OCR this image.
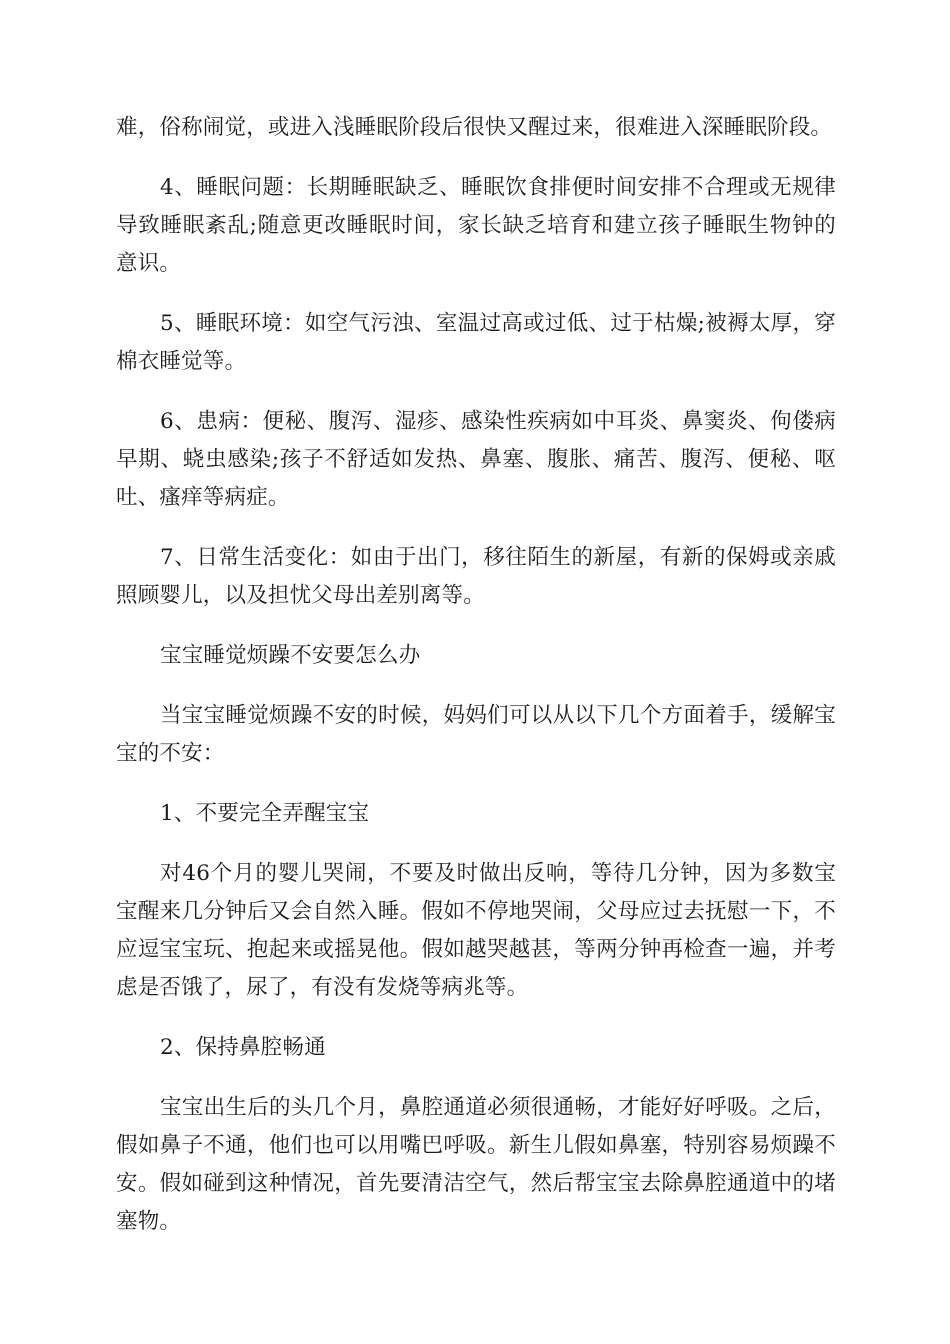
难，俗称闹觉，或进入浅睡眠阶段后很快又醒过来，很难进入深睡眠阶段。

4、睡眠问题：长期睡眠缺乏、睡眠饮食排便时间安排不合理或无规律导致睡眠紊乱;随意更改睡眠时间，家长缺乏培育和建立孩子睡眠生物钟的意识。

5、睡眠环境：如空气污浊、室温过高或过低、过于枯燥;被褥太厚，穿棉衣睡觉等。

6、患病：便秘、腹泻、湿疹、感染性疾病如中耳炎、鼻窦炎、佝偻病早期、蛲虫感染;孩子不舒适如发热、鼻塞、腹胀、痛苦、腹泻、便秘、呕吐、瘙痒等病症。

7、日常生活变化：如由于出门，移往陌生的新屋，有新的保姆或亲戚照顾婴儿，以及担忧父母出差别离等。

宝宝睡觉烦躁不安要怎么办

当宝宝睡觉烦躁不安的时候，妈妈们可以从以下几个方面着手，缓解宝宝的不安：

1、不要完全弄醒宝宝

对46个月的婴儿哭闹，不要及时做出反响，等待几分钟，因为多数宝宝醒来几分钟后又会自然入睡。假如不停地哭闹，父母应过去抚慰一下，不应逗宝宝玩、抱起来或摇晃他。假如越哭越甚，等两分钟再检查一遍，并考虑是否饿了，尿了，有没有发烧等病兆等。

2、保持鼻腔畅通

宝宝出生后的头几个月，鼻腔通道必须很通畅，才能好好呼吸。之后，假如鼻子不通，他们也可以用嘴巴呼吸。新生儿假如鼻塞，特别容易烦躁不安。假如碰到这种情况，首先要清洁空气，然后帮宝宝去除鼻腔通道中的堵塞物。
